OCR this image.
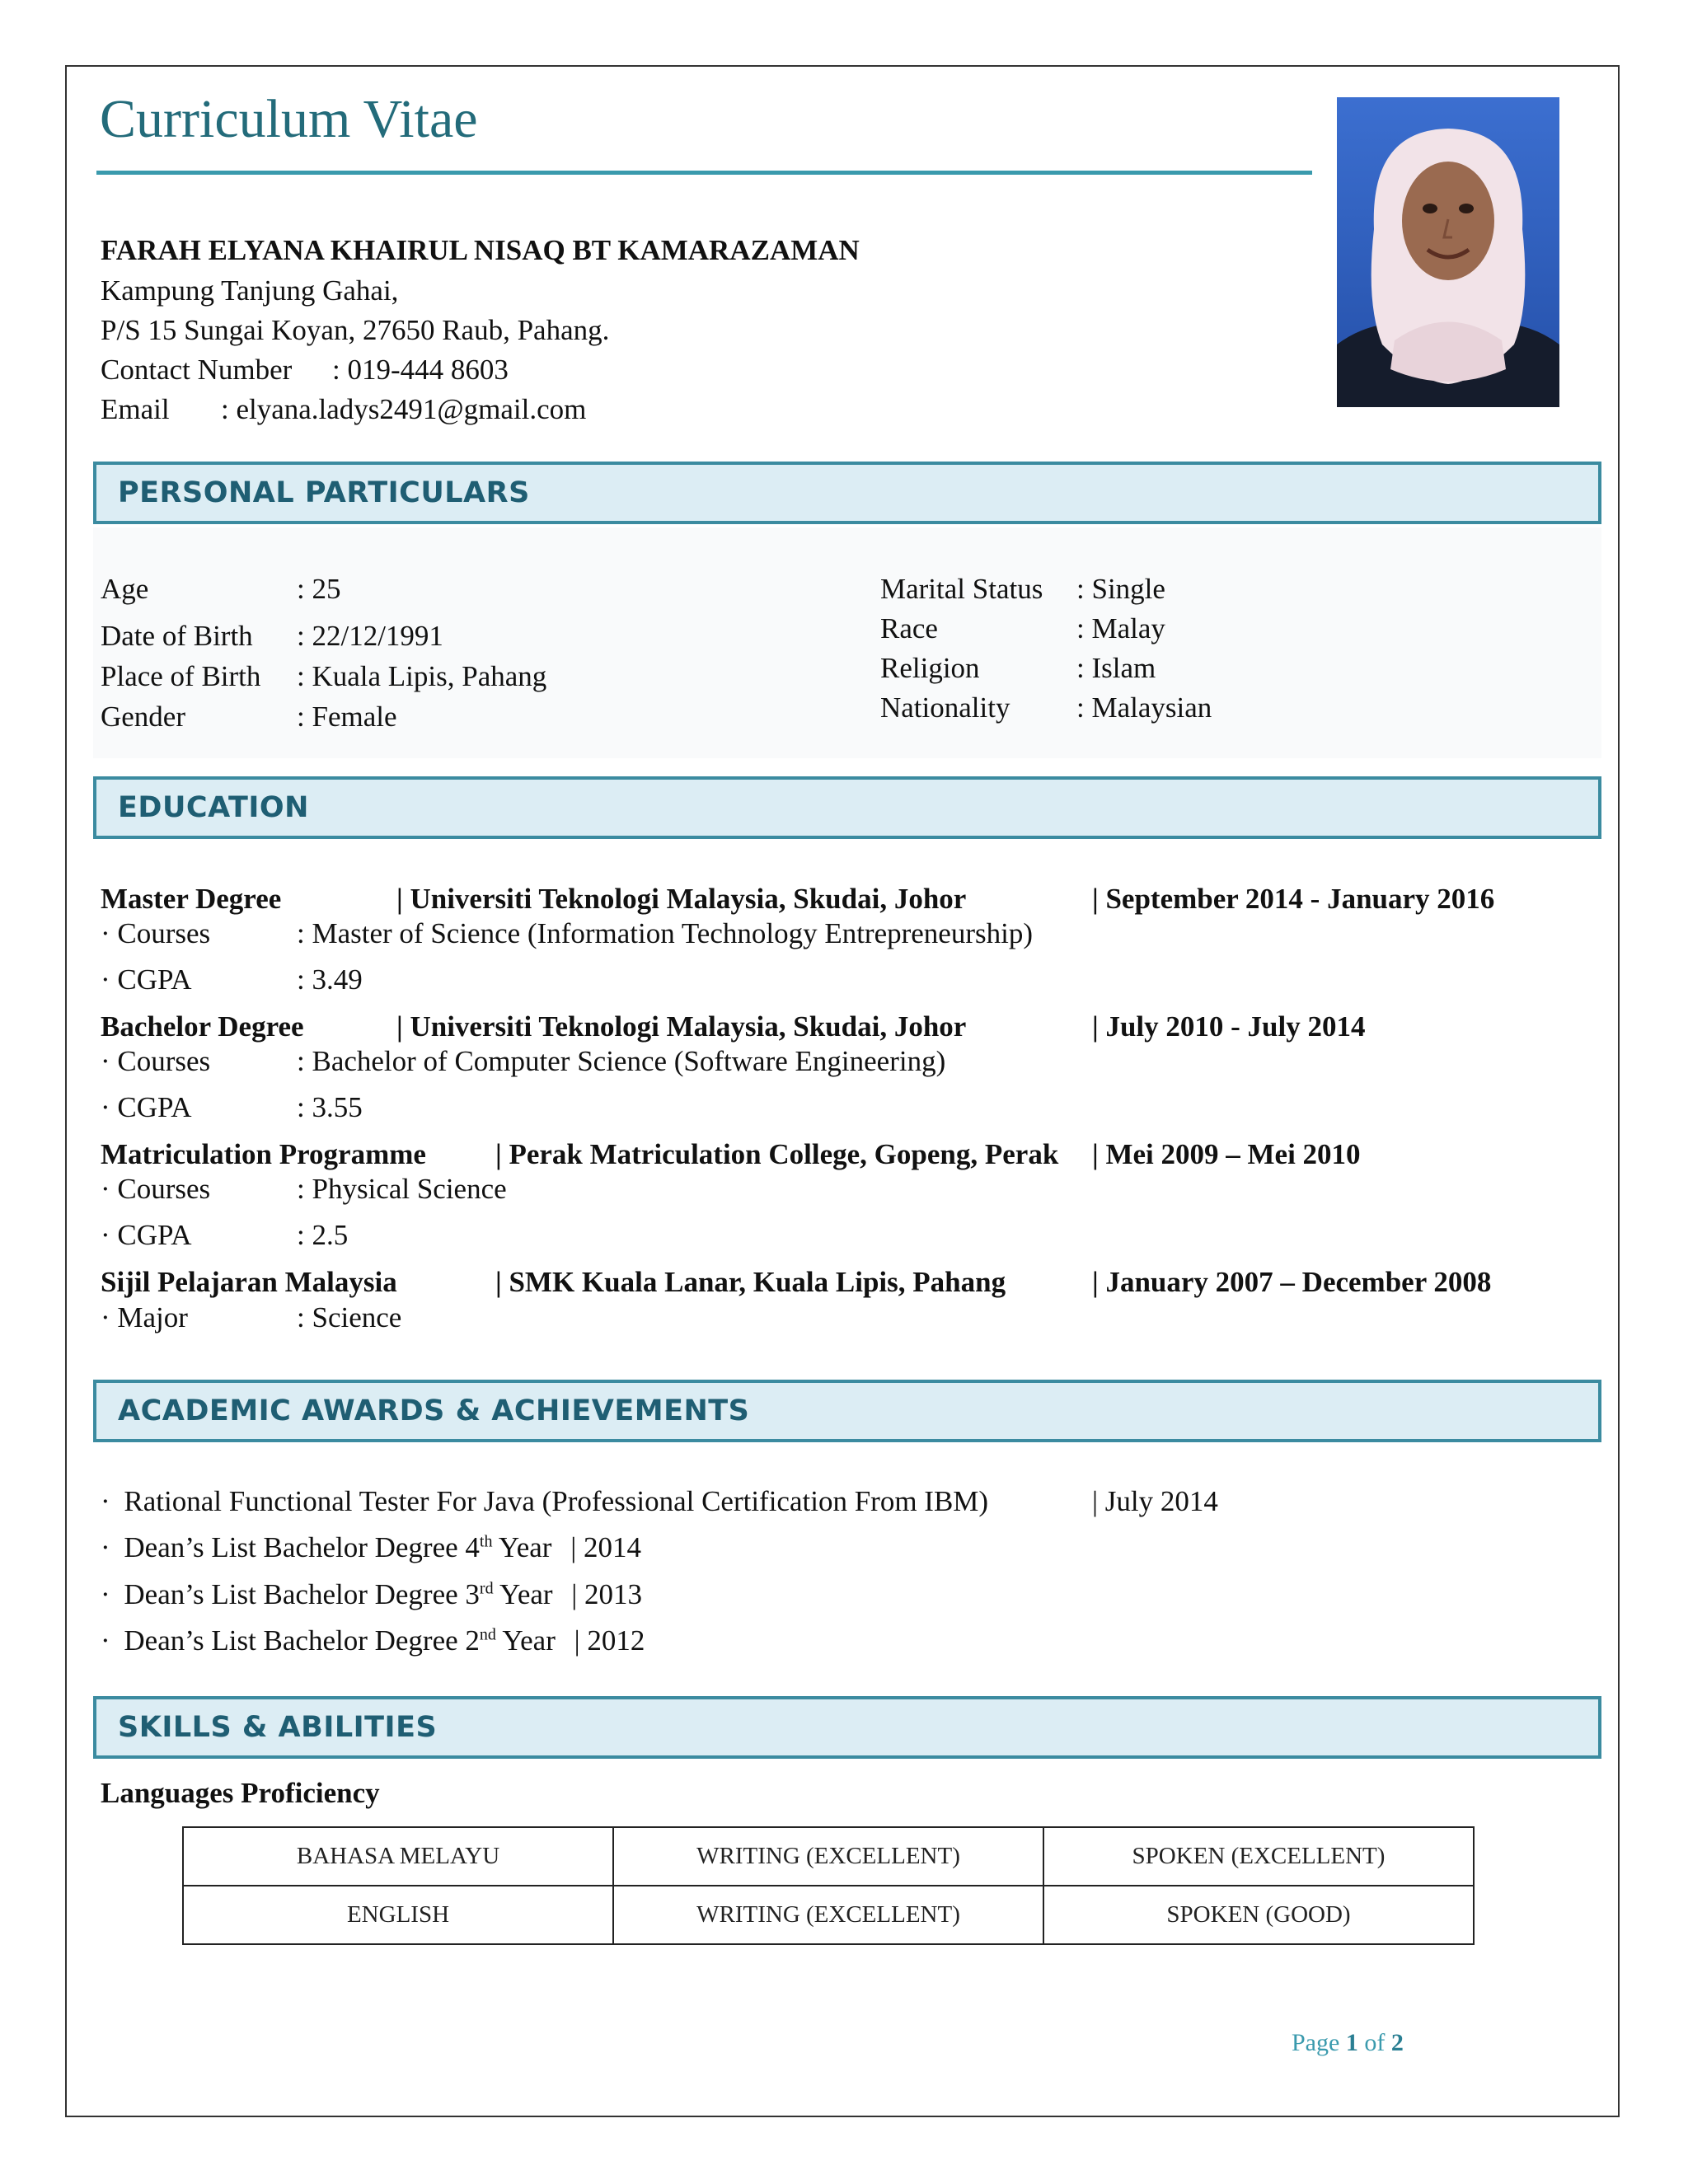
Curriculum Vitae
FARAH ELYANA KHAIRUL NISAQ BT KAMARAZAMAN
Kampung Tanjung Gahai,
P/S 15 Sungai Koyan, 27650 Raub, Pahang.
Contact Number : 019-444 8603
Email : elyana.ladys2491@gmail.com
PERSONAL PARTICULARS
Age	: 25
Date of Birth : 22/12/1991
Place of Birth : Kuala Lipis, Pahang
Gender	: Female
Marital Status : Single
Race	: Malay
Religion	: Islam
Nationality : Malaysian
EDUCATION
Master Degree	| Universiti Teknologi Malaysia, Skudai, Johor	| September 2014 - January 2016
· Courses	: Master of Science (Information Technology Entrepreneurship)
· CGPA	: 3.49
Bachelor Degree	| Universiti Teknologi Malaysia, Skudai, Johor	| July 2010 - July 2014
· Courses	: Bachelor of Computer Science (Software Engineering)
· CGPA	: 3.55
Matriculation Programme | Perak Matriculation College, Gopeng, Perak | Mei 2009 – Mei 2010
· Courses	: Physical Science
· CGPA	: 2.5
Sijil Pelajaran Malaysia	| SMK Kuala Lanar, Kuala Lipis, Pahang	| January 2007 – December 2008
· Major	: Science
ACADEMIC AWARDS & ACHIEVEMENTS
· Rational Functional Tester For Java (Professional Certification From IBM)	| July 2014
· Dean’s List Bachelor Degree 4th Year | 2014
· Dean’s List Bachelor Degree 3rd Year | 2013
· Dean’s List Bachelor Degree 2nd Year | 2012
SKILLS & ABILITIES
Languages Proficiency
BAHASA MELAYU	WRITING (EXCELLENT)	SPOKEN (EXCELLENT)
ENGLISH	WRITING (EXCELLENT)	SPOKEN (GOOD)
Page 1 of 2
